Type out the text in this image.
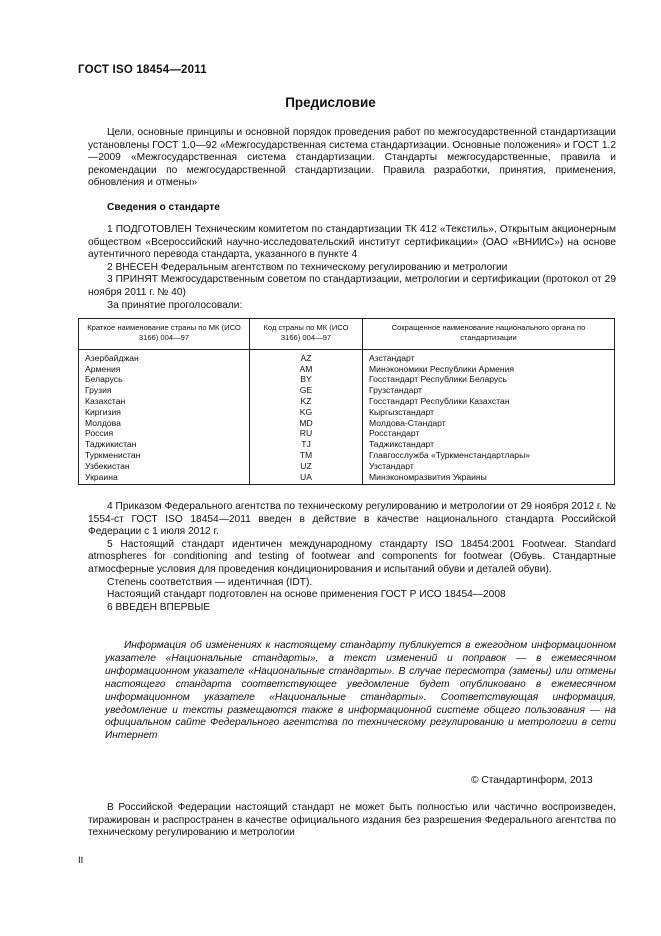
ГОСТ ISO 18454—2011
Предисловие

Цели, основные принципы и основной порядок проведения работ по межгосударственной стандартизации установлены ГОСТ 1.0—92 «Межгосударственная система стандартизации. Основные положения» и ГОСТ 1.2—2009 «Межгосударственная система стандартизации. Стандарты межгосударственные, правила и рекомендации по межгосударственной стандартизации. Правила разработки, принятия, применения, обновления и отмены»

Сведения о стандарте

1 ПОДГОТОВЛЕН Техническим комитетом по стандартизации ТК 412 «Текстиль», Открытым акционерным обществом «Всероссийский научно-исследовательский институт сертификации» (ОАО «ВНИИС») на основе аутентичного перевода стандарта, указанного в пункте 4

2 ВНЕСЕН Федеральным агентством по техническому регулированию и метрологии

3 ПРИНЯТ Межгосударственным советом по стандартизации, метрологии и сертификации (протокол от 29 ноября 2011 г. № 40)

За принятие проголосовали:

Краткое наименование страны по МК (ИСО 3166) 004—97	Код страны по МК (ИСО 3166) 004—97	Сокращенное наименование национального органа по стандартизации
Азербайджан	AZ	Азстандарт
Армения	AM	Минэкономики Республики Армения
Беларусь	BY	Госстандарт Республики Беларусь
Грузия	GE	Грузстандарт
Казахстан	KZ	Госстандарт Республики Казахстан
Киргизия	KG	Кыргызстандарт
Молдова	MD	Молдова-Стандарт
Россия	RU	Росстандарт
Таджикистан	TJ	Таджикстандарт
Туркменистан	TM	Главгосслужба «Туркменстандартлары»
Узбекистан	UZ	Узстандарт
Украина	UA	Минэкономразвития Украины

4 Приказом Федерального агентства по техническому регулированию и метрологии от 29 ноября 2012 г. № 1554-ст ГОСТ ISO 18454—2011 введен в действие в качестве национального стандарта Российской Федерации с 1 июля 2012 г.

5 Настоящий стандарт идентичен международному стандарту ISO 18454:2001 Footwear. Standard atmospheres for conditioning and testing of footwear and components for footwear (Обувь. Стандартные атмосферные условия для проведения кондиционирования и испытаний обуви и деталей обуви).

Степень соответствия — идентичная (IDT).

Настоящий стандарт подготовлен на основе применения ГОСТ Р ИСО 18454—2008

6 ВВЕДЕН ВПЕРВЫЕ

Информация об изменениях к настоящему стандарту публикуется в ежегодном информационном указателе «Национальные стандарты», а текст изменений и поправок — в ежемесячном информационном указателе «Национальные стандарты». В случае пересмотра (замены) или отмены настоящего стандарта соответствующее уведомление будет опубликовано в ежемесячном информационном указателе «Национальные стандарты». Соответствующая информация, уведомление и тексты размещаются также в информационной системе общего пользования — на официальном сайте Федерального агентства по техническому регулированию и метрологии в сети Интернет

© Стандартинформ, 2013

В Российской Федерации настоящий стандарт не может быть полностью или частично воспроизведен, тиражирован и распространен в качестве официального издания без разрешения Федерального агентства по техническому регулированию и метрологии

II
